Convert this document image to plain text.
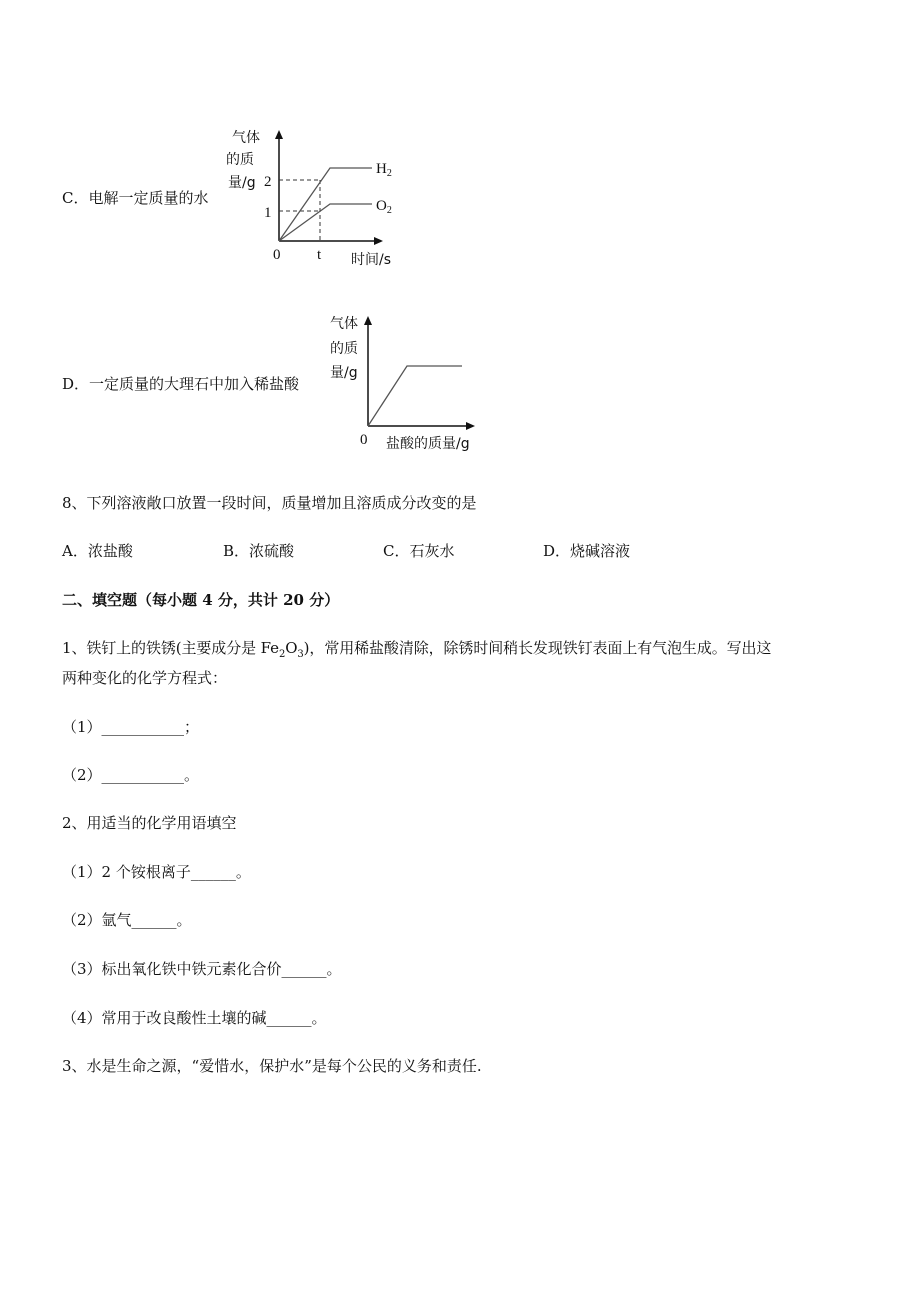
C．电解一定质量的水
气体
的质
量/g 2
1
0 t 时间/s
$H_2$
$O_2$
D．一定质量的大理石中加入稀盐酸
气体
的质
量/g
0 盐酸的质量/g
8、下列溶液敞口放置一段时间，质量增加且溶质成分改变的是
A．浓盐酸	B．浓硫酸	C．石灰水	D．烧碱溶液
二、填空题（每小题 4 分，共计 20 分）
1、铁钉上的铁锈(主要成分是 $Fe_2O_3$)，常用稀盐酸清除，除锈时间稍长发现铁钉表面上有气泡生成。写出这
两种变化的化学方程式：
（1）___________；
（2）___________。
2、用适当的化学用语填空
（1）2 个铵根离子______。
（2）氩气______。
（3）标出氧化铁中铁元素化合价______。
（4）常用于改良酸性土壤的碱______。
3、水是生命之源，“爱惜水，保护水”是每个公民的义务和责任.
